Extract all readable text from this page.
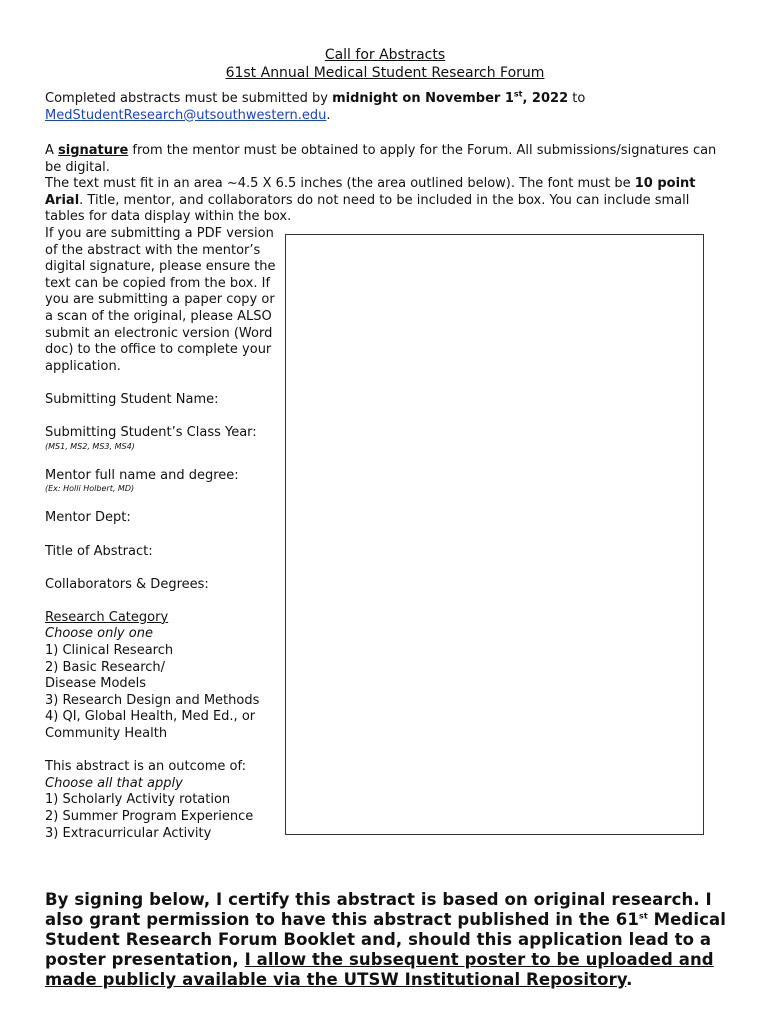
Call for Abstracts
61st Annual Medical Student Research Forum
Completed abstracts must be submitted by midnight on November 1st, 2022 to
MedStudentResearch@utsouthwestern.edu.
A signature from the mentor must be obtained to apply for the Forum. All submissions/signatures can be digital.
The text must fit in an area ~4.5 X 6.5 inches (the area outlined below). The font must be 10 point Arial. Title, mentor, and collaborators do not need to be included in the box. You can include small tables for data display within the box.

If you are submitting a PDF version of the abstract with the mentor’s digital signature, please ensure the text can be copied from the box. If you are submitting a paper copy or a scan of the original, please ALSO submit an electronic version (Word doc) to the office to complete your application.

Submitting Student Name:

Submitting Student’s Class Year:

(MS1, MS2, MS3, MS4)

Mentor full name and degree:

(Ex: Holli Holbert, MD)

Mentor Dept:

Title of Abstract:

Collaborators & Degrees:

Research Category

Choose only one

1) Clinical Research

2) Basic Research/

Disease Models

3) Research Design and Methods

4) QI, Global Health, Med Ed., or

Community Health

This abstract is an outcome of:

Choose all that apply

1) Scholarly Activity rotation

2) Summer Program Experience

3) Extracurricular Activity

By signing below, I certify this abstract is based on original research. I also grant permission to have this abstract published in the 61st Medical Student Research Forum Booklet and, should this application lead to a poster presentation, I allow the subsequent poster to be uploaded and made publicly available via the UTSW Institutional Repository.
